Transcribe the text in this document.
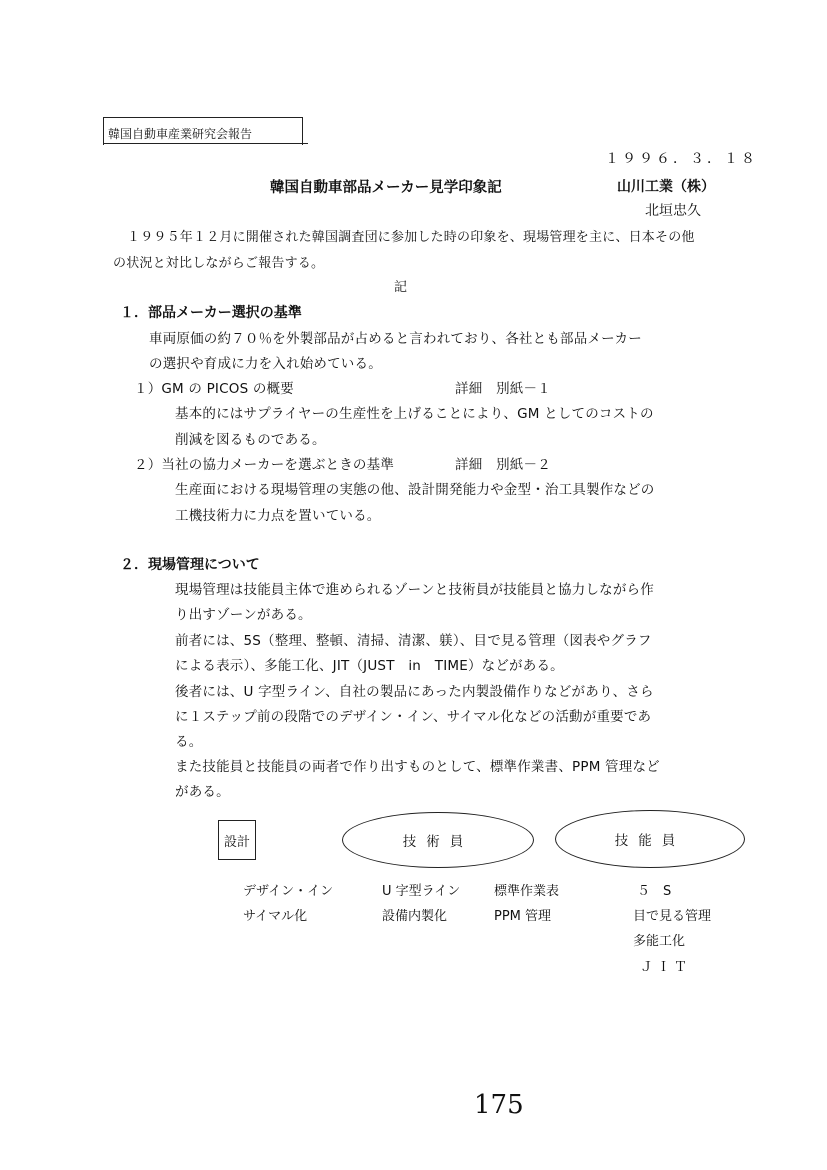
韓国自動車産業研究会報告
１９９６．３．１８
韓国自動車部品メーカー見学印象記	山川工業（株）
北垣忠久
１９９５年１２月に開催された韓国調査団に参加した時の印象を、現場管理を主に、日本その他
の状況と対比しながらご報告する。
記
１．部品メーカー選択の基準
車両原価の約７０％を外製部品が占めると言われており、各社とも部品メーカー
の選択や育成に力を入れ始めている。
１）GM の PICOS の概要	詳細　別紙－１
基本的にはサプライヤーの生産性を上げることにより、GM としてのコストの
削減を図るものである。
２）当社の協力メーカーを選ぶときの基準	詳細　別紙－２
生産面における現場管理の実態の他、設計開発能力や金型・治工具製作などの
工機技術力に力点を置いている。
２．現場管理について
現場管理は技能員主体で進められるゾーンと技術員が技能員と協力しながら作
り出すゾーンがある。
前者には、5S（整理、整頓、清掃、清潔、躾）、目で見る管理（図表やグラフ
による表示）、多能工化、JIT（JUST　in　TIME）などがある。
後者には、U 字型ライン、自社の製品にあった内製設備作りなどがあり、さら
に１ステップ前の段階でのデザイン・イン、サイマル化などの活動が重要であ
る。
また技能員と技能員の両者で作り出すものとして、標準作業書、PPM 管理など
がある。
設計	技術員	技能員
デザイン・イン
サイマル化
U 字型ライン
設備内製化
標準作業表
PPM 管理
５　S
目で見る管理
多能工化
ＪＩＴ
175
